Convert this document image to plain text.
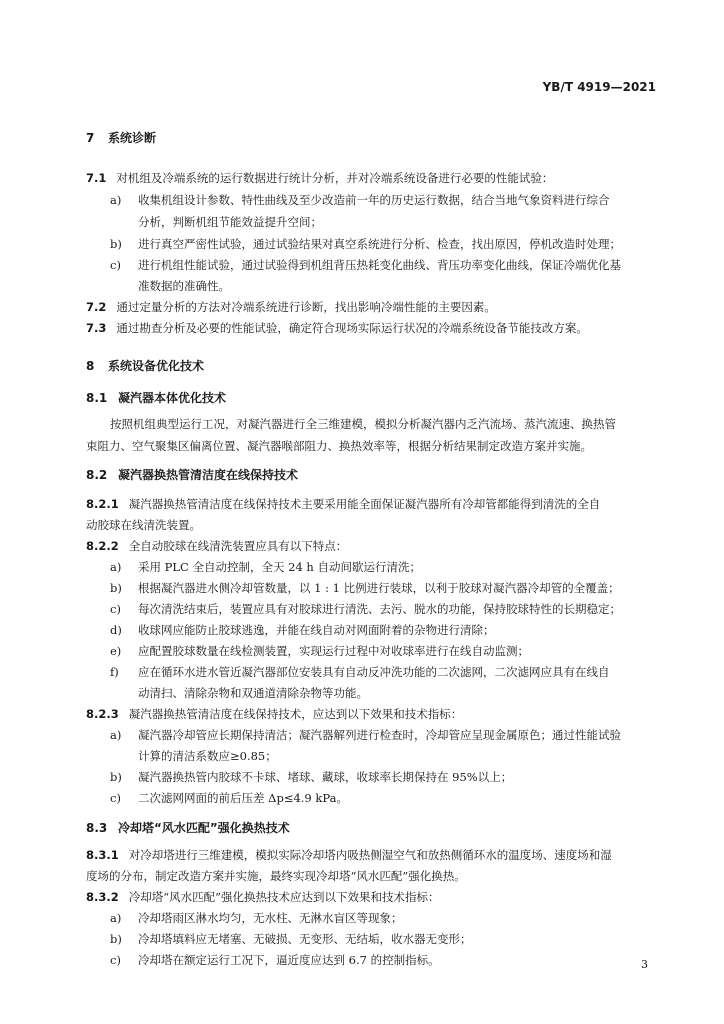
YB/T 4919—2021
7 系统诊断
7.1 对机组及冷端系统的运行数据进行统计分析，并对冷端系统设备进行必要的性能试验：
a) 收集机组设计参数、特性曲线及至少改造前一年的历史运行数据，结合当地气象资料进行综合
分析，判断机组节能效益提升空间；
b) 进行真空严密性试验，通过试验结果对真空系统进行分析、检查，找出原因，停机改造时处理；
c) 进行机组性能试验，通过试验得到机组背压热耗变化曲线、背压功率变化曲线，保证冷端优化基
准数据的准确性。
7.2 通过定量分析的方法对冷端系统进行诊断，找出影响冷端性能的主要因素。
7.3 通过勘查分析及必要的性能试验，确定符合现场实际运行状况的冷端系统设备节能技改方案。
8 系统设备优化技术
8.1 凝汽器本体优化技术
按照机组典型运行工况，对凝汽器进行全三维建模，模拟分析凝汽器内乏汽流场、蒸汽流速、换热管
束阻力、空气聚集区偏离位置、凝汽器喉部阻力、换热效率等，根据分析结果制定改造方案并实施。
8.2 凝汽器换热管清洁度在线保持技术
8.2.1 凝汽器换热管清洁度在线保持技术主要采用能全面保证凝汽器所有冷却管都能得到清洗的全自
动胶球在线清洗装置。
8.2.2 全自动胶球在线清洗装置应具有以下特点：
a) 采用 PLC 全自动控制，全天 24 h 自动间歇运行清洗；
b) 根据凝汽器进水侧冷却管数量，以 1 : 1 比例进行装球，以利于胶球对凝汽器冷却管的全覆盖；
c) 每次清洗结束后，装置应具有对胶球进行清洗、去污、脱水的功能，保持胶球特性的长期稳定；
d) 收球网应能防止胶球逃逸，并能在线自动对网面附着的杂物进行清除；
e) 应配置胶球数量在线检测装置，实现运行过程中对收球率进行在线自动监测；
f) 应在循环水进水管近凝汽器部位安装具有自动反冲洗功能的二次滤网，二次滤网应具有在线自
动清扫、清除杂物和双通道清除杂物等功能。
8.2.3 凝汽器换热管清洁度在线保持技术，应达到以下效果和技术指标：
a) 凝汽器冷却管应长期保持清洁；凝汽器解列进行检查时，冷却管应呈现金属原色；通过性能试验
计算的清洁系数应≥0.85；
b) 凝汽器换热管内胶球不卡球、堵球、藏球，收球率长期保持在 95%以上；
c) 二次滤网网面的前后压差 Δp≤4.9 kPa。
8.3 冷却塔“风水匹配”强化换热技术
8.3.1 对冷却塔进行三维建模，模拟实际冷却塔内吸热侧湿空气和放热侧循环水的温度场、速度场和湿
度场的分布，制定改造方案并实施，最终实现冷却塔“风水匹配”强化换热。
8.3.2 冷却塔“风水匹配”强化换热技术应达到以下效果和技术指标：
a) 冷却塔雨区淋水均匀，无水柱、无淋水盲区等现象；
b) 冷却塔填料应无堵塞、无破损、无变形、无结垢，收水器无变形；
c) 冷却塔在额定运行工况下，逼近度应达到 6.7 的控制指标。	3
